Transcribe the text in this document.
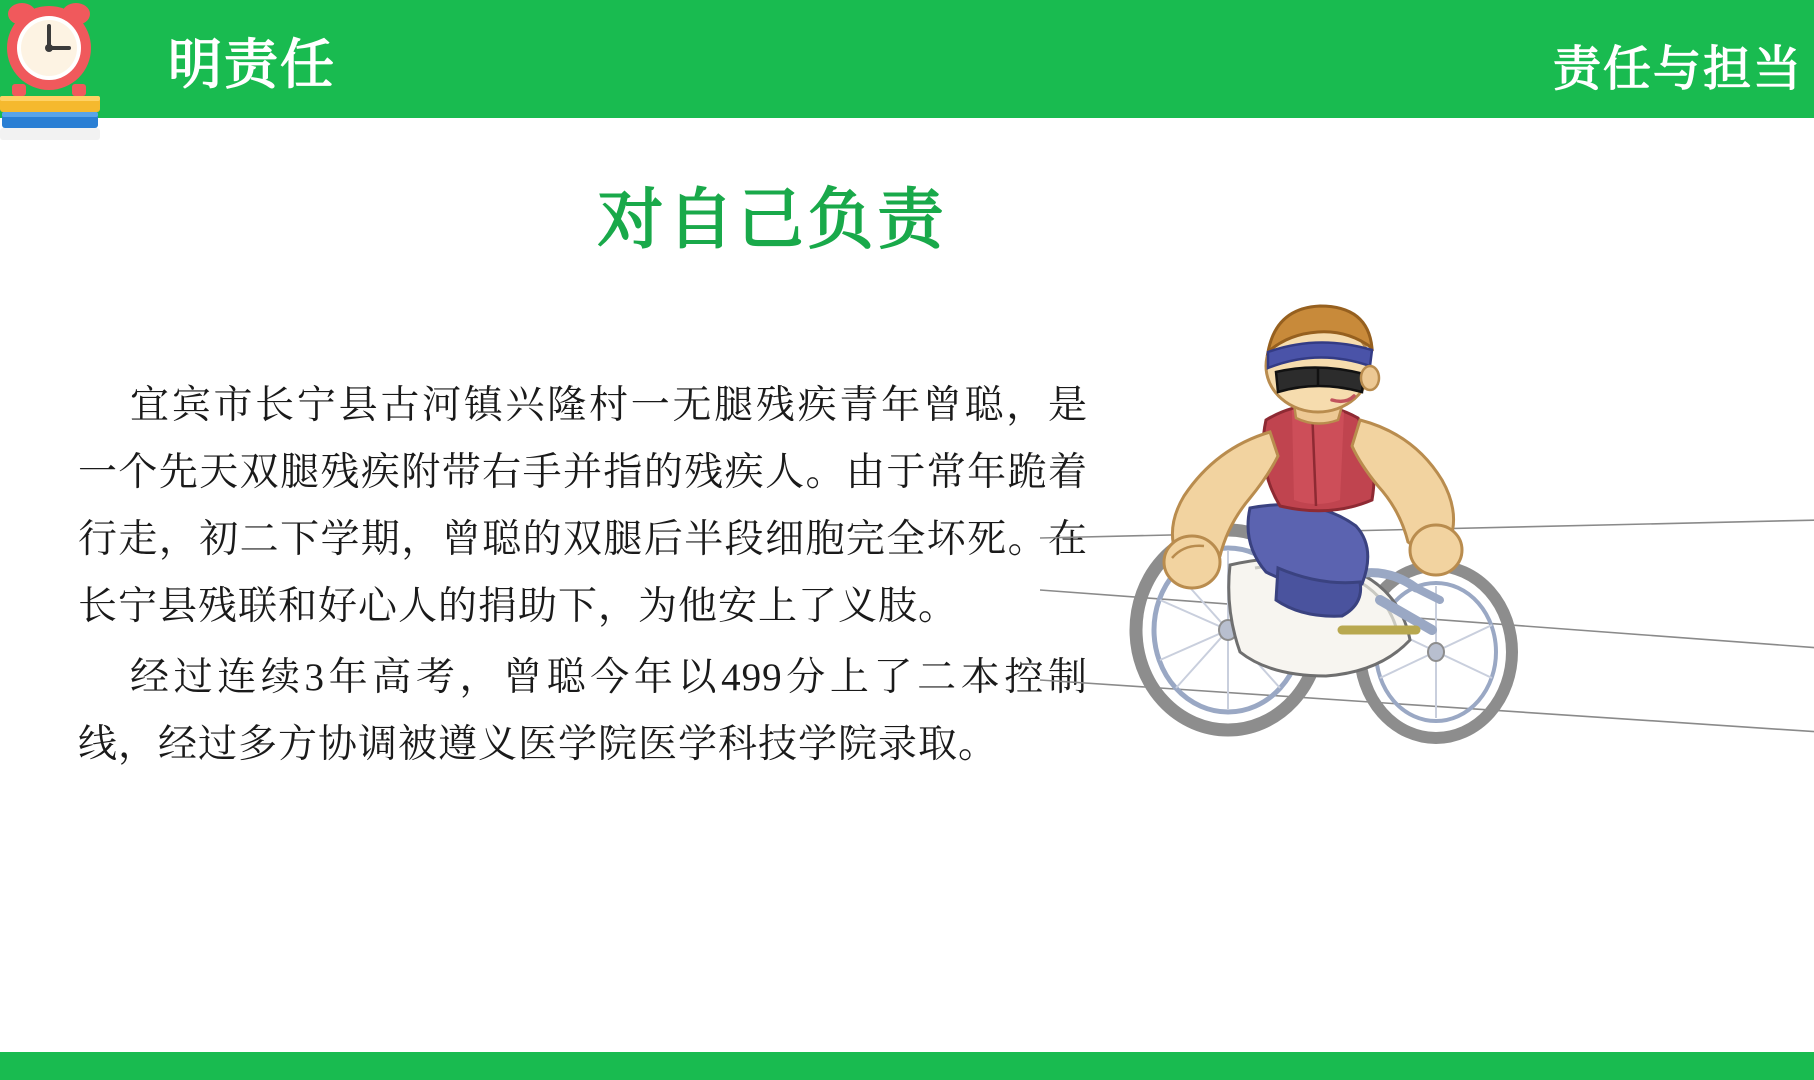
明责任	责任与担当
对自己负责

宜宾市长宁县古河镇兴隆村一无腿残疾青年曾聪，是一个先天双腿残疾附带右手并指的残疾人。由于常年跪着行走，初二下学期，曾聪的双腿后半段细胞完全坏死。在长宁县残联和好心人的捐助下，为他安上了义肢。

经过连续3年高考，曾聪今年以499分上了二本控制线，经过多方协调被遵义医学院医学科技学院录取。
